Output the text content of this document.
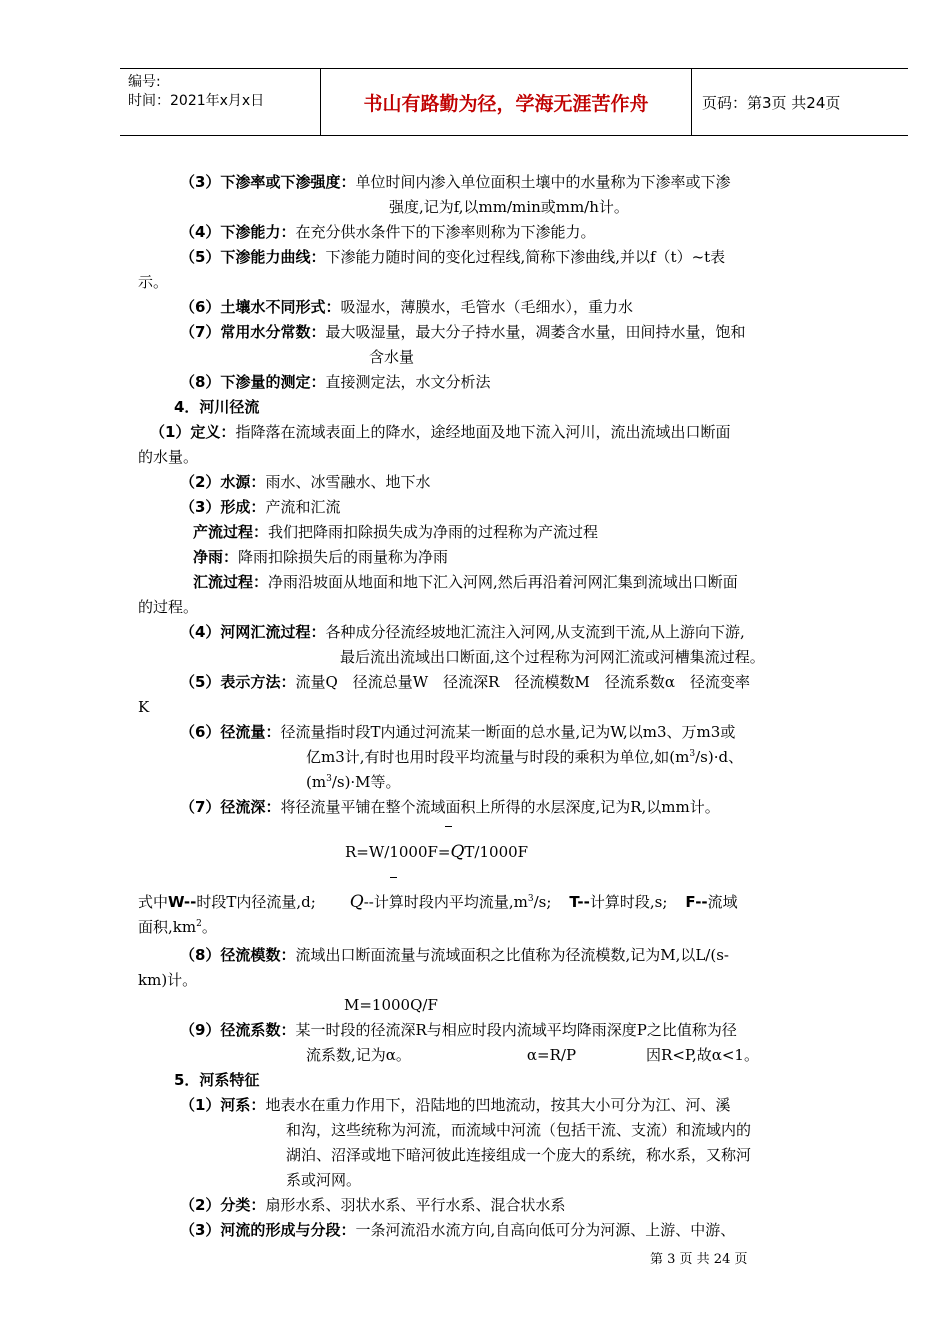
编号:
时间：2021年x月x日	书山有路勤为径，学海无涯苦作舟	页码：第3页 共24页
（3）下渗率或下渗强度：单位时间内渗入单位面积土壤中的水量称为下渗率或下渗
强度,记为f,以mm/min或mm/h计。
（4）下渗能力：在充分供水条件下的下渗率则称为下渗能力。
（5）下渗能力曲线：下渗能力随时间的变化过程线,简称下渗曲线,并以f（t）~t表
示。
（6）土壤水不同形式：吸湿水，薄膜水，毛管水（毛细水），重力水
（7）常用水分常数：最大吸湿量，最大分子持水量，凋萎含水量，田间持水量，饱和
含水量
（8）下渗量的测定：直接测定法，水文分析法
4．河川径流
（1）定义：指降落在流域表面上的降水，途经地面及地下流入河川，流出流域出口断面
的水量。
（2）水源：雨水、冰雪融水、地下水
（3）形成：产流和汇流
产流过程：我们把降雨扣除损失成为净雨的过程称为产流过程
净雨：降雨扣除损失后的雨量称为净雨
汇流过程：净雨沿坡面从地面和地下汇入河网,然后再沿着河网汇集到流域出口断面
的过程。
（4）河网汇流过程：各种成分径流经坡地汇流注入河网,从支流到干流,从上游向下游,
最后流出流域出口断面,这个过程称为河网汇流或河槽集流过程。
（5）表示方法：流量Q　径流总量W　径流深R　径流模数M　径流系数α　径流变率
K
（6）径流量：径流量指时段T内通过河流某一断面的总水量,记为W,以m3、万m3或
亿m3计,有时也用时段平均流量与时段的乘积为单位,如$(m^3/s)\cdot d$、
$(m^3/s)\cdot M$等。
（7）径流深：将径流量平铺在整个流域面积上所得的水层深度,记为R,以mm计。
R=W/1000F=QT/1000F
式中W--时段T内径流量,d; Q--计算时段内平均流量$,m^3/s$; T--计算时段,s; F--流域
面积$,km^2$。
（8）径流模数：流域出口断面流量与流域面积之比值称为径流模数,记为M,以L/(s-
km)计。
M=1000Q/F
（9）径流系数：某一时段的径流深R与相应时段内流域平均降雨深度P之比值称为径
流系数,记为α。	α=R/P	因R<P,故α<1。
5．河系特征
（1）河系：地表水在重力作用下，沿陆地的凹地流动，按其大小可分为江、河、溪
和沟，这些统称为河流，而流域中河流（包括干流、支流）和流域内的
湖泊、沼泽或地下暗河彼此连接组成一个庞大的系统，称水系，又称河
系或河网。
（2）分类：扇形水系、羽状水系、平行水系、混合状水系
（3）河流的形成与分段：一条河流沿水流方向,自高向低可分为河源、上游、中游、
第 3 页 共 24 页
